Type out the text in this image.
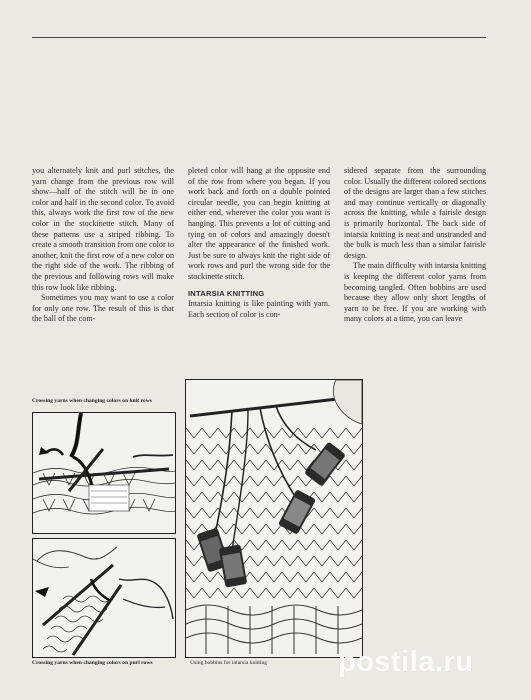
you alternately knit and purl stitches, the yarn change from the previous row will show—half of the stitch will be in one color and half in the second color. To avoid this, always work the first row of the new color in the stockinette stitch. Many of these patterns use a striped ribbing. To create a smooth transition from one color to another, knit the first row of a new color on the right side of the work. The ribbing of the previous and following rows will make this row look like ribbing.

Sometimes you may want to use a color for only one row. The result of this is that the ball of the com-

pleted color will hang at the opposite end of the row from where you began. If you work back and forth on a double pointed circular needle, you can begin knitting at either end, wherever the color you want is hanging. This prevents a lot of cutting and tying on of colors and amazingly doesn't alter the appearance of the finished work. Just be sure to always knit the right side of work rows and purl the wrong side for the stockinette stitch.

INTARSIA KNITTING

Intarsia knitting is like painting with yarn. Each section of color is con-

sidered separate from the surrounding color. Usually the different colored sections of the designs are larger than a few stitches and may continue vertically or diagonally across the knitting, while a fairisle design is primarily horizontal. The back side of intarsia knitting is neat and unstranded and the bulk is much less than a similar fairisle design.

The main difficulty with intarsia knitting is keeping the different color yarns from becoming tangled. Often bobbins are used because they allow only short lengths of yarn to be free. If you are working with many colors at a time, you can leave

Crossing yarns when changing colors on knit rows
Crossing yarns when changing colors on purl rows	Using bobbins for intarsia knitting	postila.ru
